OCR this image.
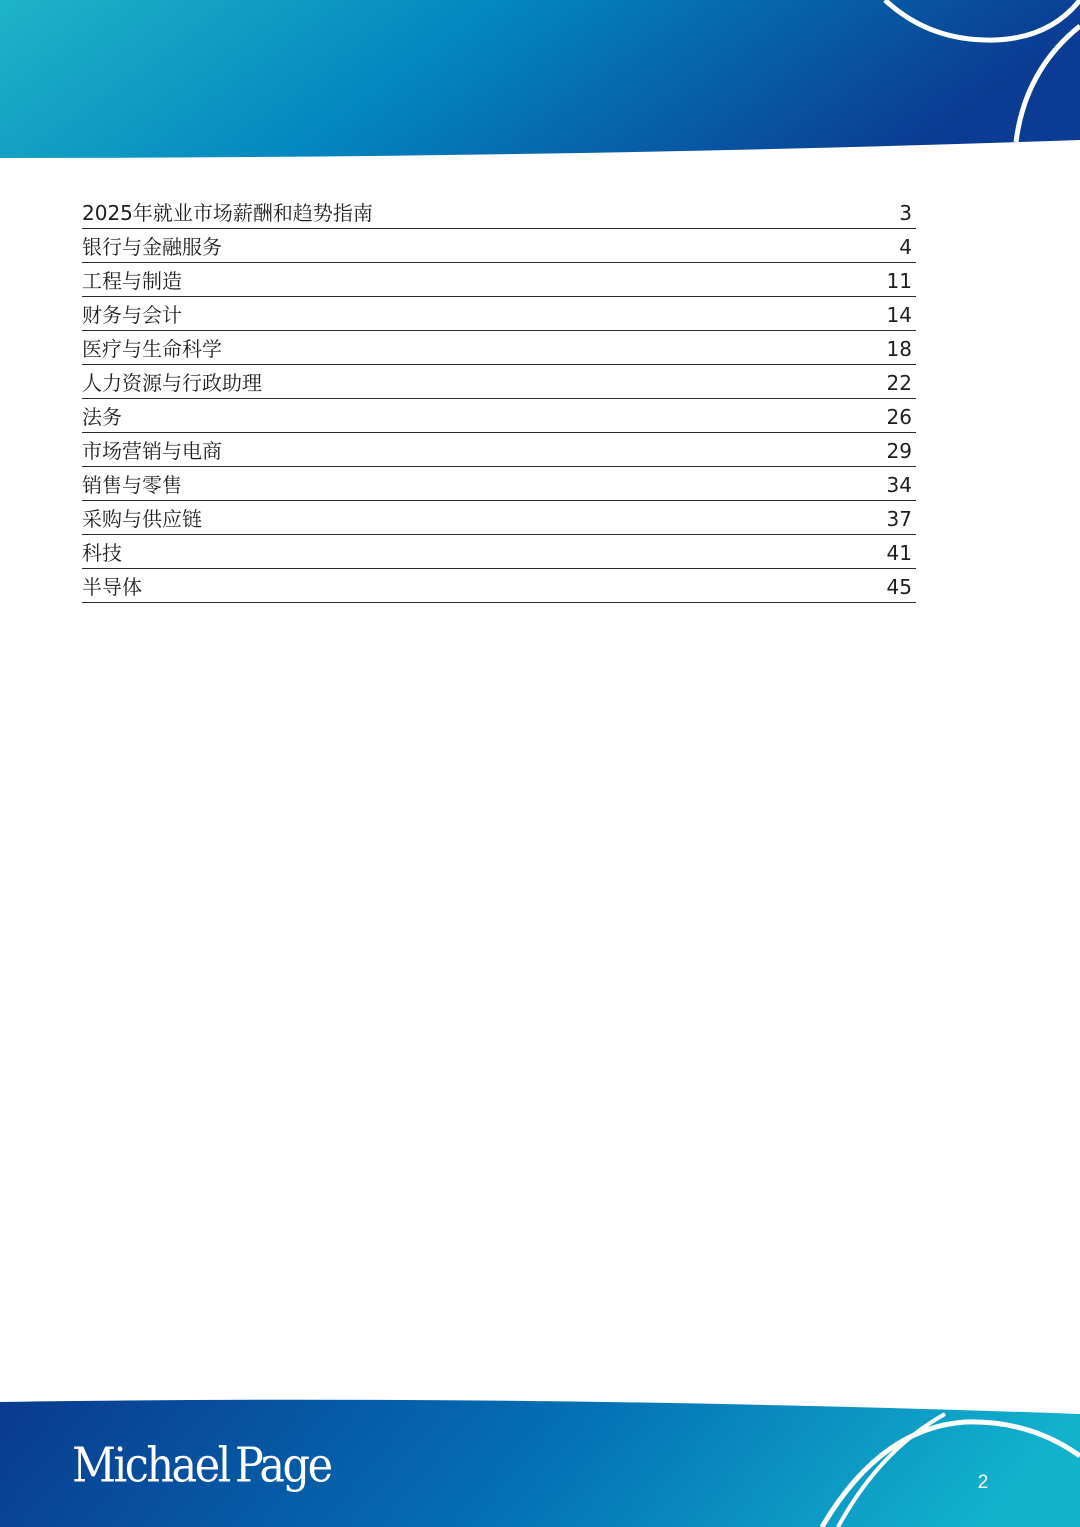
2025年就业市场薪酬和趋势指南	3
银行与金融服务	4
工程与制造	11
财务与会计	14
医疗与生命科学	18
人力资源与行政助理	22
法务	26
市场营销与电商	29
销售与零售	34
采购与供应链	37
科技	41
半导体	45
Michael Page	2
